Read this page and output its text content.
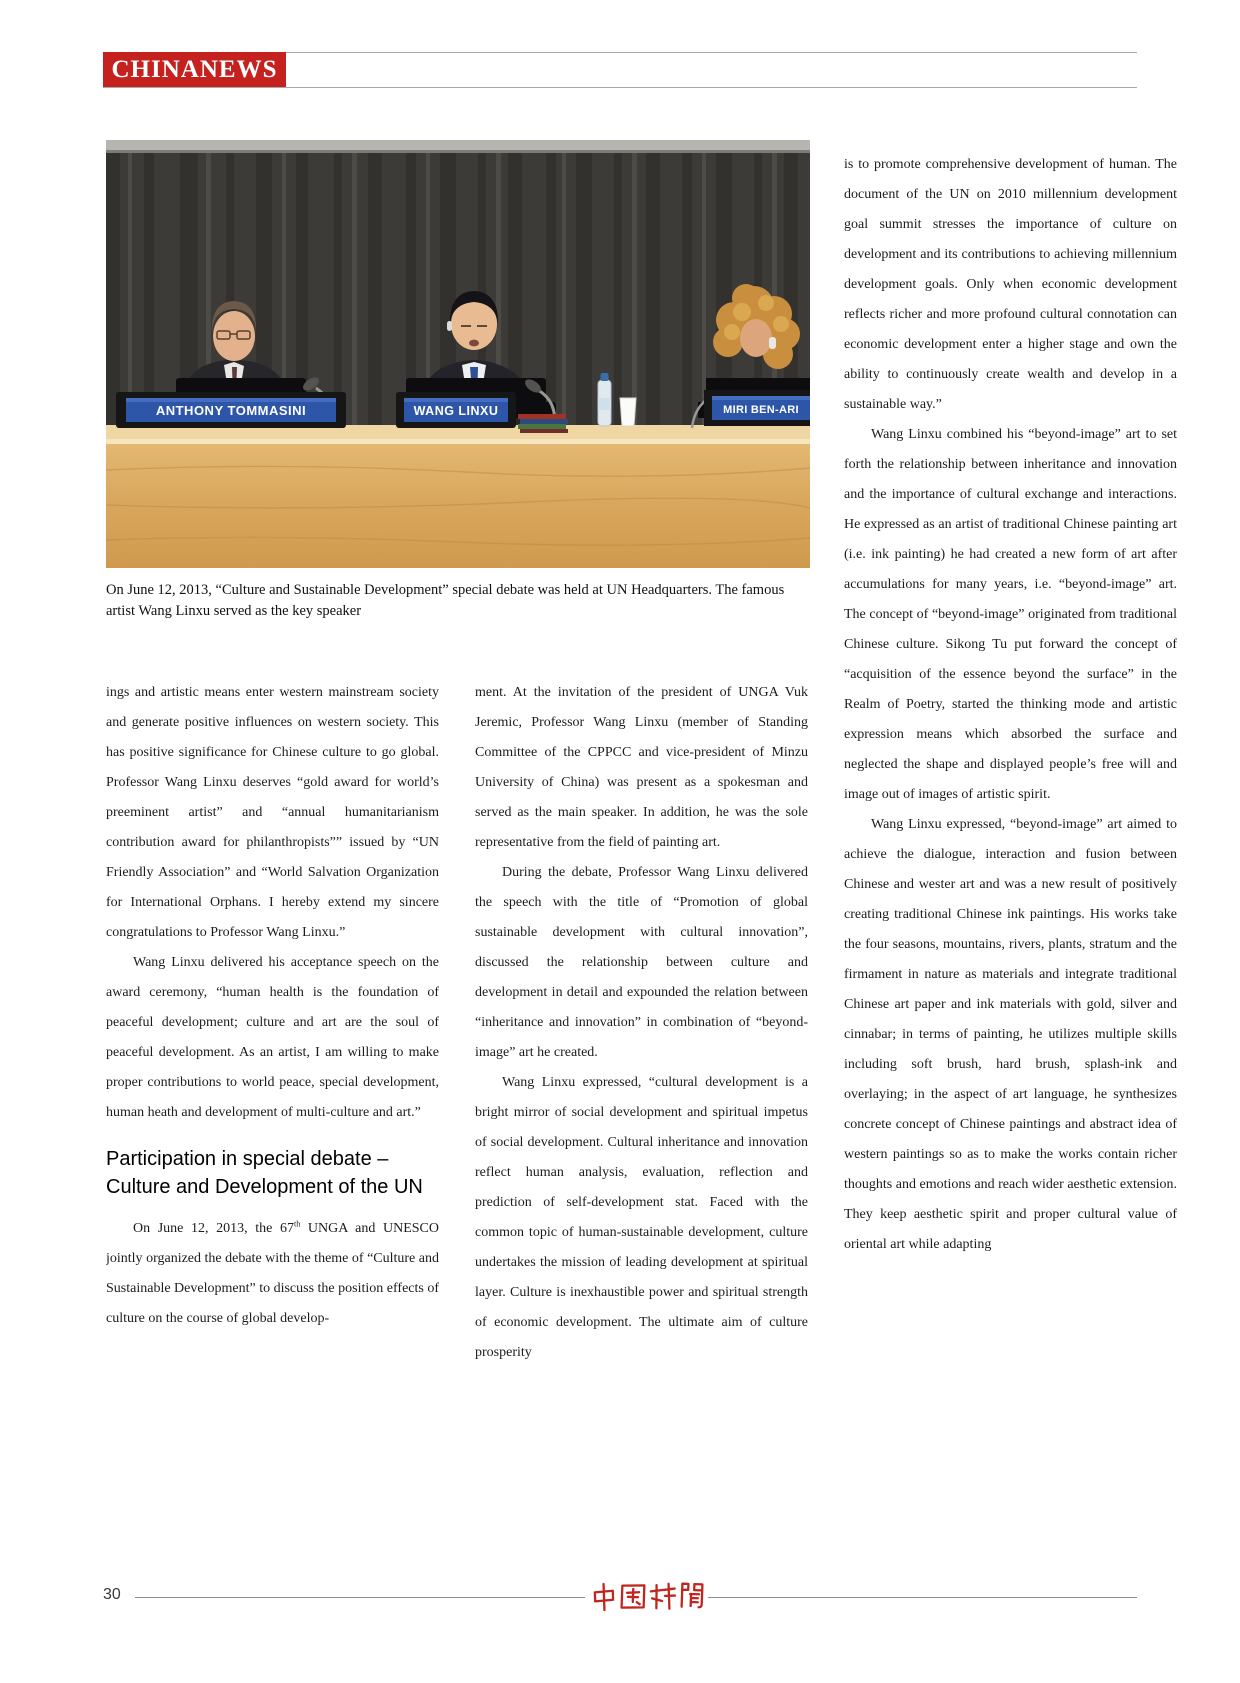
CHINANEWS
ANTHONY TOMMASINI	WANG LINXU	MIRI BEN-ARI
On June 12, 2013, “Culture and Sustainable Development” special debate was held at UN Headquarters. The famous artist Wang Linxu served as the key speaker

ings and artistic means enter western mainstream society and generate positive influences on western society. This has positive significance for Chinese culture to go global. Professor Wang Linxu deserves “gold award for world’s preeminent artist” and “annual humanitarianism contribution award for philanthropists”” issued by “UN Friendly Association” and “World Salvation Organization for International Orphans. I hereby extend my sincere congratulations to Professor Wang Linxu.”

Wang Linxu delivered his acceptance speech on the award ceremony, “human health is the foundation of peaceful development; culture and art are the soul of peaceful development. As an artist, I am willing to make proper contributions to world peace, special development, human heath and development of multi-culture and art.”

Participation in special debate –
Culture and Development of the UN

On June 12, 2013, the 67th UNGA and UNESCO jointly organized the debate with the theme of “Culture and Sustainable Development” to discuss the position effects of culture on the course of global develop-

ment. At the invitation of the president of UNGA Vuk Jeremic, Professor Wang Linxu (member of Standing Committee of the CPPCC and vice-president of Minzu University of China) was present as a spokesman and served as the main speaker. In addition, he was the sole representative from the field of painting art.

During the debate, Professor Wang Linxu delivered the speech with the title of “Promotion of global sustainable development with cultural innovation”, discussed the relationship between culture and development in detail and expounded the relation between “inheritance and innovation” in combination of “beyond-image” art he created.

Wang Linxu expressed, “cultural development is a bright mirror of social development and spiritual impetus of social development. Cultural inheritance and innovation reflect human analysis, evaluation, reflection and prediction of self-development stat. Faced with the common topic of human-sustainable development, culture undertakes the mission of leading development at spiritual layer. Culture is inexhaustible power and spiritual strength of economic development. The ultimate aim of culture prosperity

is to promote comprehensive development of human. The document of the UN on 2010 millennium development goal summit stresses the importance of culture on development and its contributions to achieving millennium development goals. Only when economic development reflects richer and more profound cultural connotation can economic development enter a higher stage and own the ability to continuously create wealth and develop in a sustainable way.”

Wang Linxu combined his “beyond-image” art to set forth the relationship between inheritance and innovation and the importance of cultural exchange and interactions. He expressed as an artist of traditional Chinese painting art (i.e. ink painting) he had created a new form of art after accumulations for many years, i.e. “beyond-image” art. The concept of “beyond-image” originated from traditional Chinese culture. Sikong Tu put forward the concept of “acquisition of the essence beyond the surface” in the Realm of Poetry, started the thinking mode and artistic expression means which absorbed the surface and neglected the shape and displayed people’s free will and image out of images of artistic spirit.

Wang Linxu expressed, “beyond-image” art aimed to achieve the dialogue, interaction and fusion between Chinese and wester art and was a new result of positively creating traditional Chinese ink paintings. His works take the four seasons, mountains, rivers, plants, stratum and the firmament in nature as materials and integrate traditional Chinese art paper and ink materials with gold, silver and cinnabar; in terms of painting, he utilizes multiple skills including soft brush, hard brush, splash-ink and overlaying; in the aspect of art language, he synthesizes concrete concept of Chinese paintings and abstract idea of western paintings so as to make the works contain richer thoughts and emotions and reach wider aesthetic extension. They keep aesthetic spirit and proper cultural value of oriental art while adapting

30
